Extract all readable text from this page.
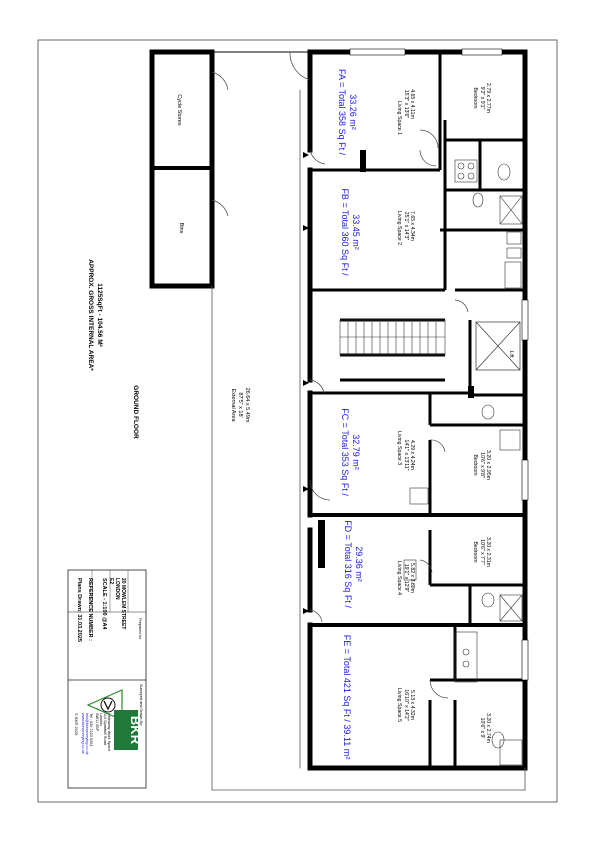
APPROX. GROSS INTERNAL AREA* 1125SqFt - 104.56 M²
GROUND FLOOR
Cycle Stores
Bins
External Area 87'5" x 18' 26.64 x 5.49m
Lift
Living Space 1 15'3" x 13'6" 4.65 x 4.11m	Bedroom 9'2" x 9'1" 2.79 x 2.77m
Living Space 2 25'1" x 14'3" 7.65 x 4.34m
Living Space 3 14'1" x 13'11" 4.29 x 4.24m	Bedroom 10'6" x 9'8" 3.20 x 2.95m
Living Space 4 19'1" x 12'9" 5.82 x 3.89m
Bedroom 10'6" x 7'7" 3.20 x 2.31m
Living Space 5 16'10" x 14'2" 5.13 x 4.32m
10'6" x 9' 3.20 x 2.74m
FA = Total 358 Sq Ft / 33.26 m²
FB = Total 360 Sq Ft / 33.45 m²
FC = Total 353 Sq Ft / 32.79 m²
FD = Total 316 Sq Ft / 29.36 m²
FE = Total 421 Sq Ft / 39.11 m²
Prepared for
20 MOWLEM STREET
LONDON
E2
SCALE - 1:100 @A4
REFERENCE NUMBER :
Plans Drawn: 31.03.2025
Surveyed and Drawn By:
BKR
Hideaway Work Space
114 Sprinthill Road
London
SW11 5BP
Tel : 020 7223 9203
info@bkrsurveying.co.uk
www.bkrsurveying.co.uk
© BKR 2025
